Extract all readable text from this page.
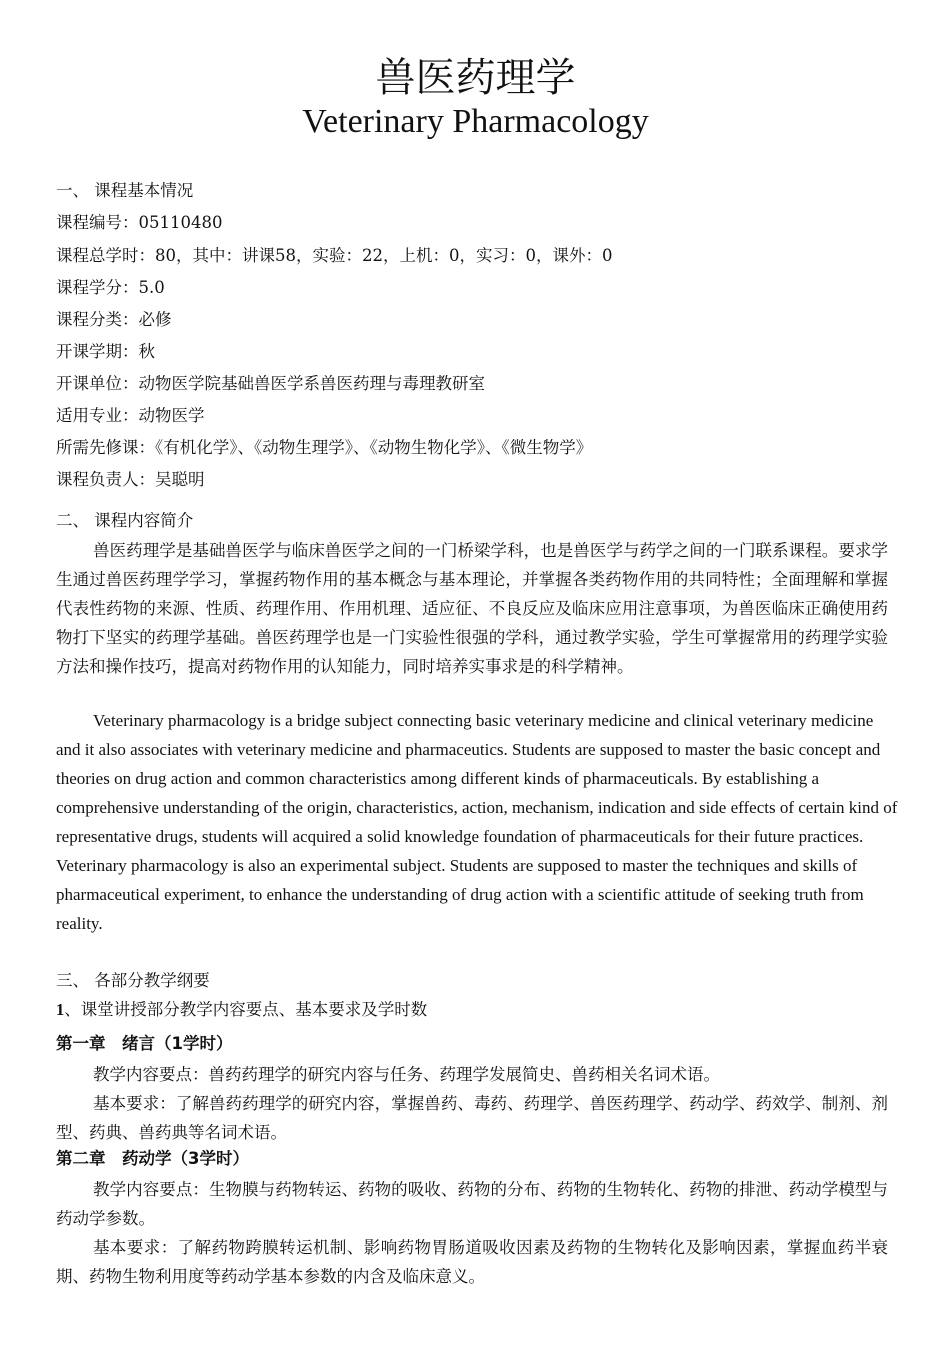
兽医药理学
Veterinary Pharmacology
一、 课程基本情况
课程编号：05110480
课程总学时：80，其中：讲课58，实验：22，上机：0，实习：0，课外：0
课程学分：5.0
课程分类：必修
开课学期：秋
开课单位：动物医学院基础兽医学系兽医药理与毒理教研室
适用专业：动物医学
所需先修课：《有机化学》、《动物生理学》、《动物生物化学》、《微生物学》
课程负责人：吴聪明
二、 课程内容简介

兽医药理学是基础兽医学与临床兽医学之间的一门桥梁学科，也是兽医学与药学之间的一门联系课程。要求学生通过兽医药理学学习，掌握药物作用的基本概念与基本理论，并掌握各类药物作用的共同特性；全面理解和掌握代表性药物的来源、性质、药理作用、作用机理、适应征、不良反应及临床应用注意事项，为兽医临床正确使用药物打下坚实的药理学基础。兽医药理学也是一门实验性很强的学科，通过教学实验，学生可掌握常用的药理学实验方法和操作技巧，提高对药物作用的认知能力，同时培养实事求是的科学精神。

Veterinary pharmacology is a bridge subject connecting basic veterinary medicine and clinical veterinary medicine and it also associates with veterinary medicine and pharmaceutics. Students are supposed to master the basic concept and theories on drug action and common characteristics among different kinds of pharmaceuticals. By establishing a comprehensive understanding of the origin, characteristics, action, mechanism, indication and side effects of certain kind of representative drugs, students will acquired a solid knowledge foundation of pharmaceuticals for their future practices. Veterinary pharmacology is also an experimental subject. Students are supposed to master the techniques and skills of pharmaceutical experiment, to enhance the understanding of drug action with a scientific attitude of seeking truth from reality.

三、 各部分教学纲要
1、课堂讲授部分教学内容要点、基本要求及学时数
第一章　绪言（1学时）

教学内容要点：兽药药理学的研究内容与任务、药理学发展简史、兽药相关名词术语。

基本要求：了解兽药药理学的研究内容，掌握兽药、毒药、药理学、兽医药理学、药动学、药效学、制剂、剂型、药典、兽药典等名词术语。

第二章　药动学（3学时）

教学内容要点：生物膜与药物转运、药物的吸收、药物的分布、药物的生物转化、药物的排泄、药动学模型与药动学参数。

基本要求：了解药物跨膜转运机制、影响药物胃肠道吸收因素及药物的生物转化及影响因素，掌握血药半衰期、药物生物利用度等药动学基本参数的内含及临床意义。
